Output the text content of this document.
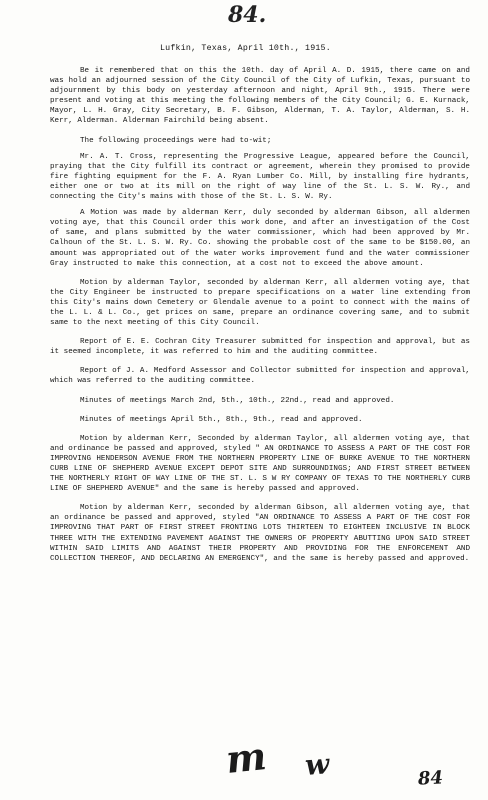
84.
Lufkin, Texas, April 10th., 1915.

Be it remembered that on this the 10th. day of April A. D. 1915, there came on and was hold an adjourned session of the City Council of the City of Lufkin, Texas, pursuant to adjournment by this body on yesterday afternoon and night, April 9th., 1915. There were present and voting at this meeting the following members of the City Council; G. E. Kurnack, Mayor, L. H. Gray, City Secretary, B. F. Gibson, Alderman, T. A. Taylor, Alderman, S. H. Kerr, Alderman. Alderman Fairchild being absent.

The following proceedings were had to-wit;

Mr. A. T. Cross, representing the Progressive League, appeared before the Council, praying that the City fulfill its contract or agreement, wherein they promised to provide fire fighting equipment for the F. A. Ryan Lumber Co. Mill, by installing fire hydrants, either one or two at its mill on the right of way line of the St. L. S. W. Ry., and connecting the City's mains with those of the St. L. S. W. Ry.

A Motion was made by alderman Kerr, duly seconded by alderman Gibson, all aldermen voting aye, that this Council order this work done, and after an investigation of the Cost of same, and plans submitted by the water commissioner, which had been approved by Mr. Calhoun of the St. L. S. W. Ry. Co. showing the probable cost of the same to be $150.00, an amount was appropriated out of the water works improvement fund and the water commissioner Gray instructed to make this connection, at a cost not to exceed the above amount.

Motion by alderman Taylor, seconded by alderman Kerr, all aldermen voting aye, that the City Engineer be instructed to prepare specifications on a water line extending from this City's mains down Cemetery or Glendale avenue to a point to connect with the mains of the L. L. & L. Co., get prices on same, prepare an ordinance covering same, and to submit same to the next meeting of this City Council.

Report of E. E. Cochran City Treasurer submitted for inspection and approval, but as it seemed incomplete, it was referred to him and the auditing committee.

Report of J. A. Medford Assessor and Collector submitted for inspection and approval, which was referred to the auditing committee.

Minutes of meetings March 2nd, 5th., 10th., 22nd., read and approved.

Minutes of meetings April 5th., 8th., 9th., read and approved.

Motion by alderman Kerr, Seconded by alderman Taylor, all aldermen voting aye, that and ordinance be passed and approved, styled " AN ORDINANCE TO ASSESS A PART OF THE COST FOR IMPROVING HENDERSON AVENUE FROM THE NORTHERN PROPERTY LINE OF BURKE AVENUE TO THE NORTHERN CURB LINE OF SHEPHERD AVENUE EXCEPT DEPOT SITE AND SURROUNDINGS; AND FIRST STREET BETWEEN THE NORTHERLY RIGHT OF WAY LINE OF THE ST. L. S W RY COMPANY OF TEXAS TO THE NORTHERLY CURB LINE OF SHEPHERD AVENUE" and the same is hereby passed and approved.

Motion by alderman Kerr, seconded by alderman Gibson, all aldermen voting aye, that an ordinance be passed and approved, styled "AN ORDINANCE TO ASSESS A PART OF THE COST FOR IMPROVING THAT PART OF FIRST STREET FRONTING LOTS THIRTEEN TO EIGHTEEN INCLUSIVE IN BLOCK THREE WITH THE EXTENDING PAVEMENT AGAINST THE OWNERS OF PROPERTY ABUTTING UPON SAID STREET WITHIN SAID LIMITS AND AGAINST THEIR PROPERTY AND PROVIDING FOR THE ENFORCEMENT AND COLLECTION THEREOF, AND DECLARING AN EMERGENCY", and the same is hereby passed and approved.

m w	84
